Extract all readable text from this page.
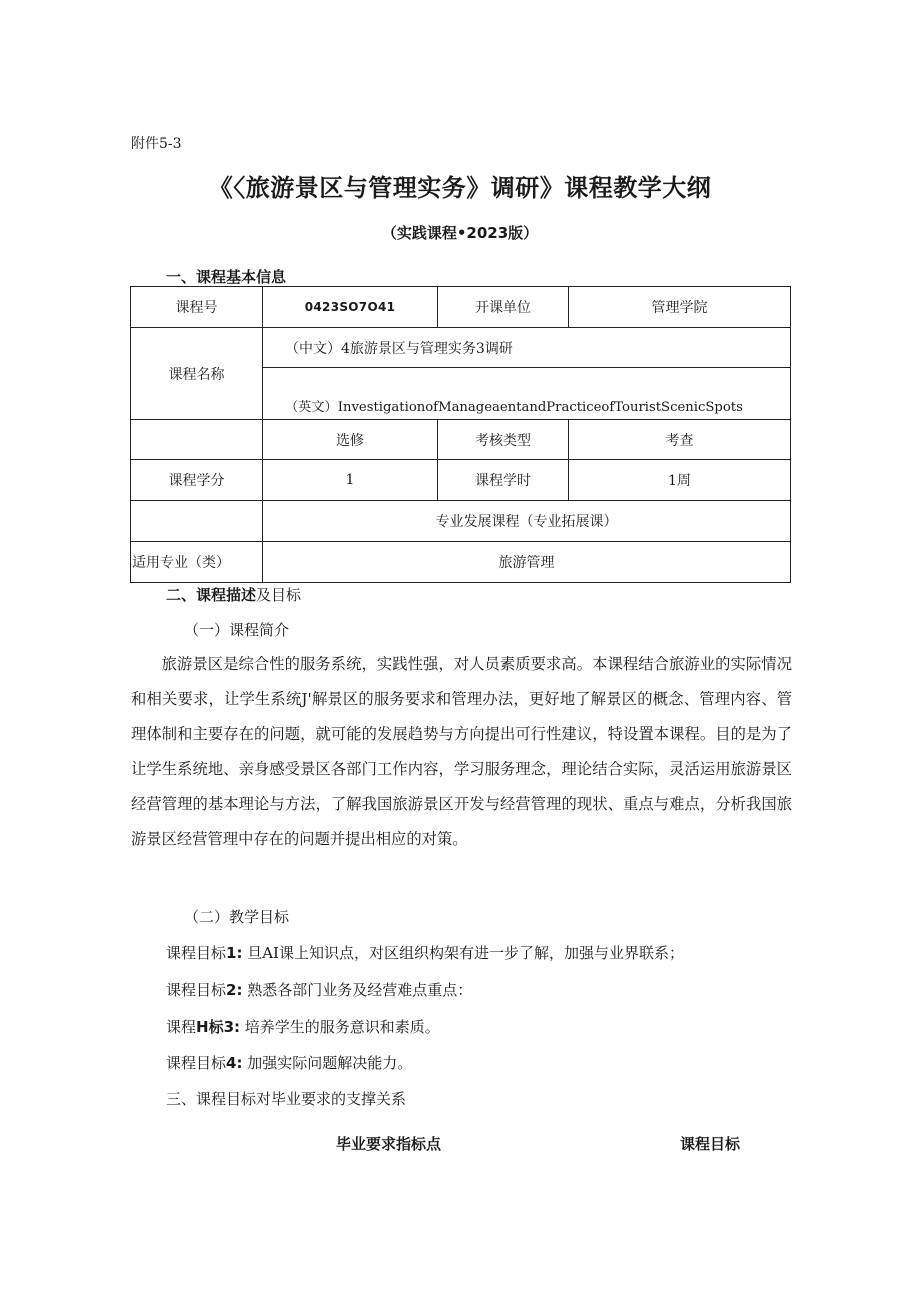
附件5-3
《〈旅游景区与管理实务》调研》课程教学大纲
（实践课程•2023版）
一、课程基本信息
课程号	0423SO7O41	开课单位	管理学院
课程名称	（中文）4旅游景区与管理实务3调研		
	（英文）InvestigationofManageaentandPracticeofTouristScenicSpots		
	选修	考核类型	考查
课程学分	1	课程学时	1周
	专业发展课程（专业拓展课）		
适用专业（类）	旅游管理		
二、课程描述及目标
（一）课程简介
旅游景区是综合性的服务系统，实践性强，对人员素质要求高。本课程结合旅游业的实际情况和相关要求，让学生系统J'解景区的服务要求和管理办法，更好地了解景区的概念、管理内容、管理体制和主要存在的问题，就可能的发展趋势与方向提出可行性建议，特设置本课程。目的是为了让学生系统地、亲身感受景区各部门工作内容，学习服务理念，理论结合实际，灵活运用旅游景区经营管理的基本理论与方法，了解我国旅游景区开发与经营管理的现状、重点与难点，分析我国旅游景区经营管理中存在的问题并提出相应的对策。
（二）教学目标
课程目标1: 旦AI课上知识点，对区组织构架有进一步了解，加强与业界联系；
课程目标2: 熟悉各部门业务及经营难点重点：
课程H标3: 培养学生的服务意识和素质。
课程目标4: 加强实际问题解决能力。
三、课程目标对毕业要求的支撑关系
毕业要求指标点	课程目标
